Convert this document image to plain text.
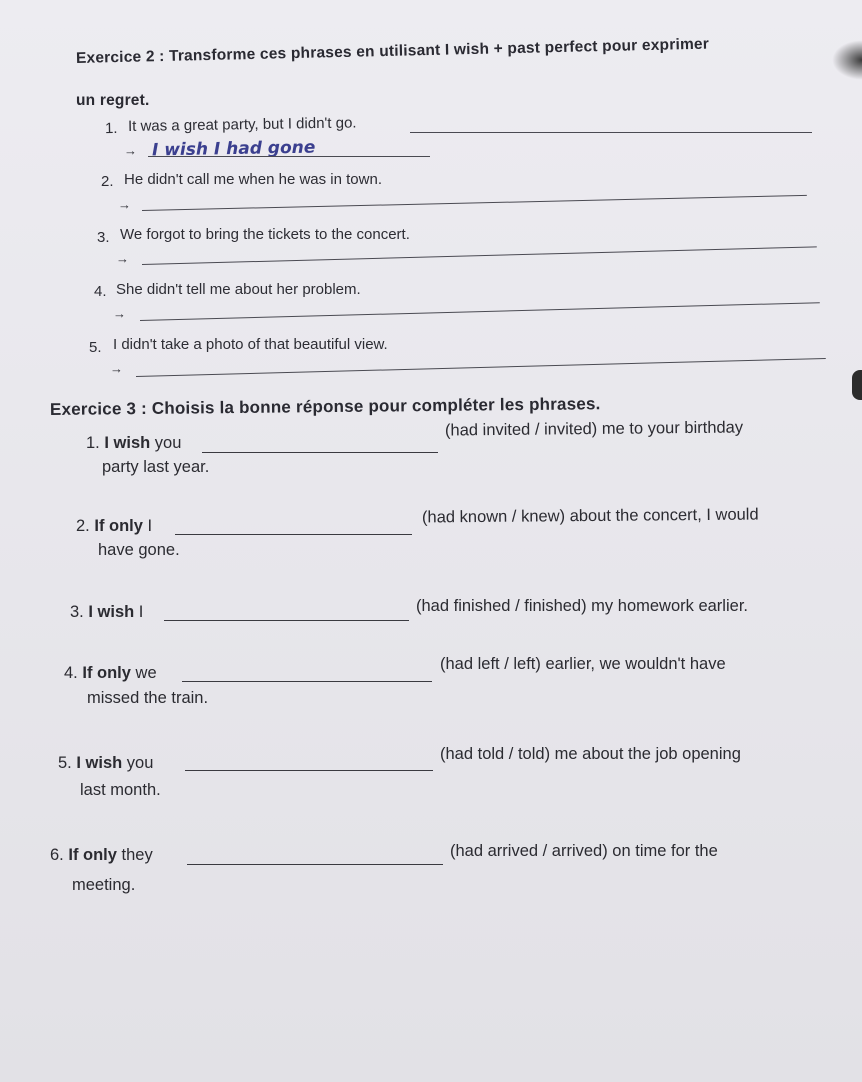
Exercice 2 : Transforme ces phrases en utilisant I wish + past perfect pour exprimer
un regret.
1. It was a great party, but I didn't go.
→ I wish I had gone
2. He didn't call me when he was in town.
→
3. We forgot to bring the tickets to the concert.
→
4. She didn't tell me about her problem.
→
5. I didn't take a photo of that beautiful view.
→
Exercice 3 : Choisis la bonne réponse pour compléter les phrases.
1. I wish you
(had invited / invited) me to your birthday
party last year.
2. If only I	(had known / knew) about the concert, I would
have gone.
3. I wish I	(had finished / finished) my homework earlier.
4. If only we	(had left / left) earlier, we wouldn't have
missed the train.
5. I wish you	(had told / told) me about the job opening
last month.
6. If only they	(had arrived / arrived) on time for the
meeting.
